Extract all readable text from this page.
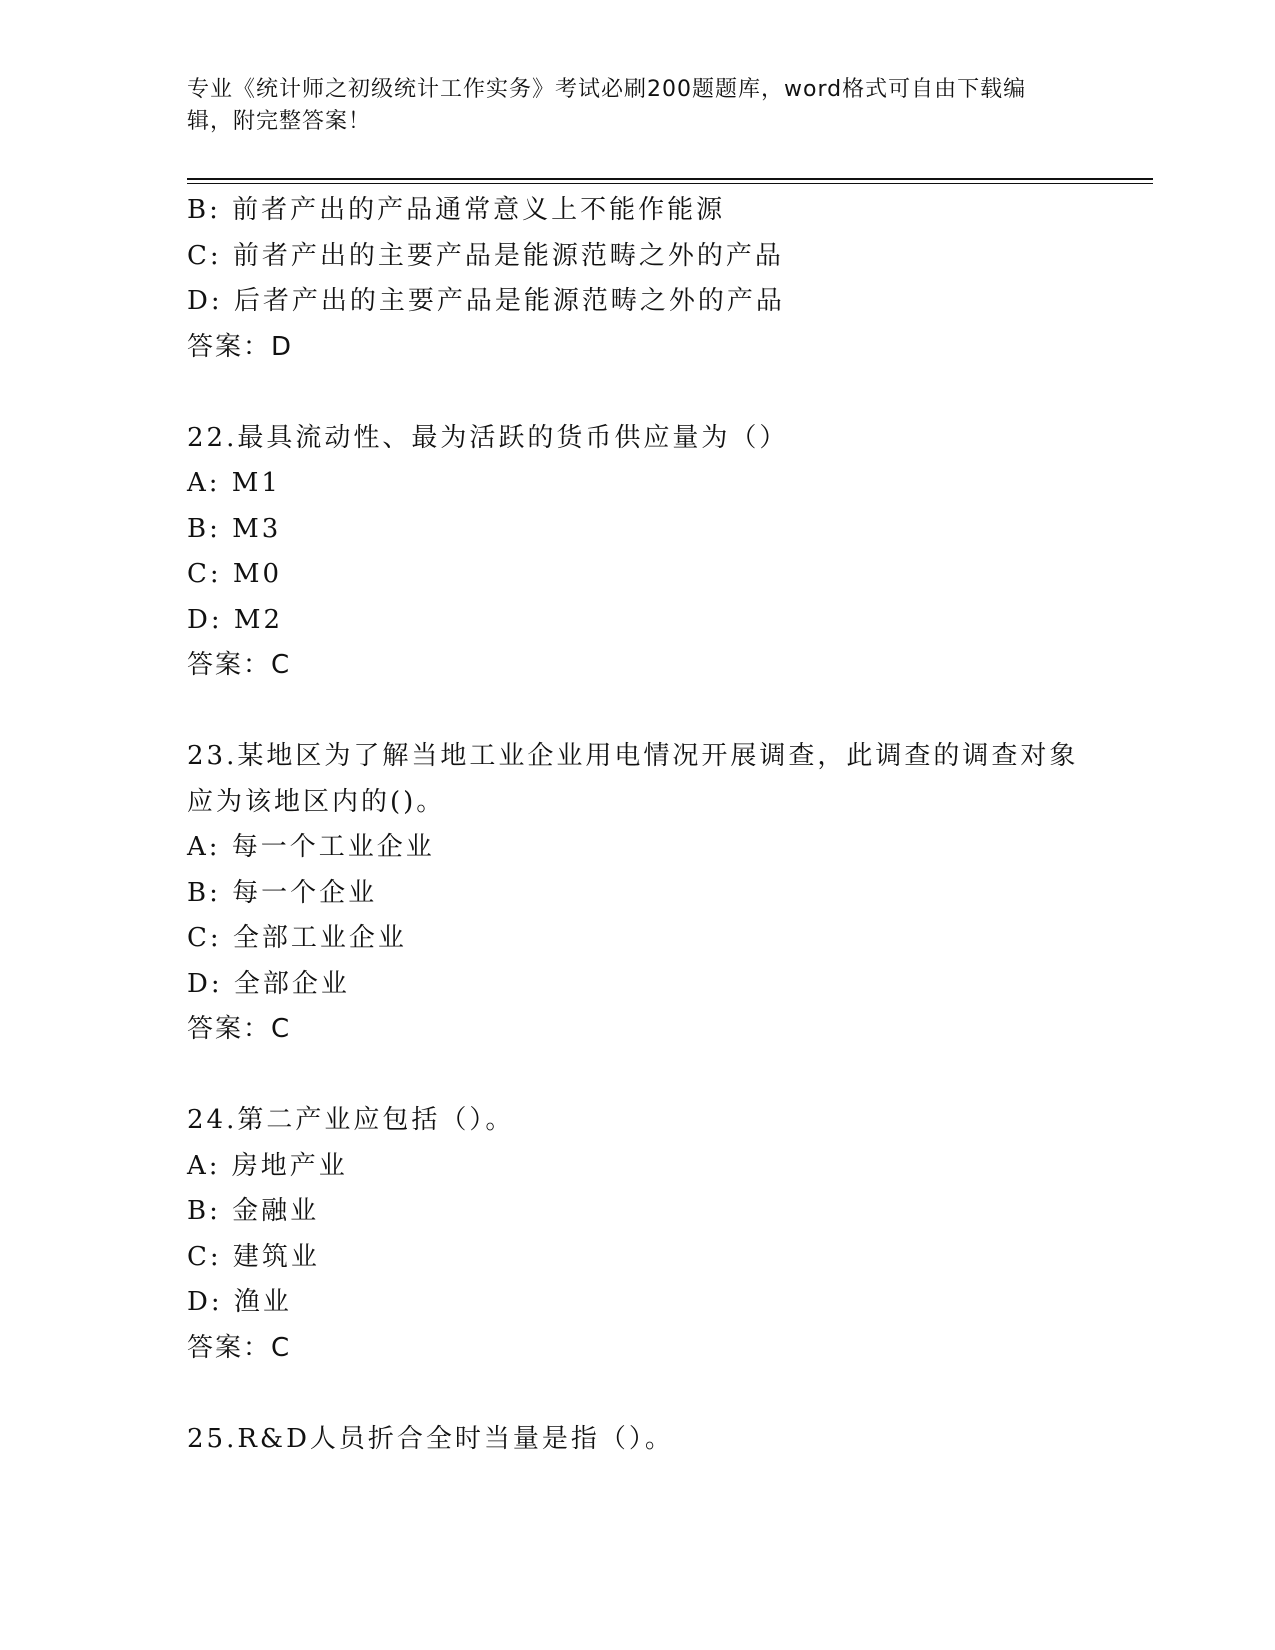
专业《统计师之初级统计工作实务》考试必刷200题题库，word格式可自由下载编辑，附完整答案！
B: 前者产出的产品通常意义上不能作能源
C: 前者产出的主要产品是能源范畴之外的产品
D: 后者产出的主要产品是能源范畴之外的产品
答案：D
22.最具流动性、最为活跃的货币供应量为（）
A: M1
B: M3
C: M0
D: M2
答案：C
23.某地区为了解当地工业企业用电情况开展调查，此调查的调查对象
应为该地区内的()。
A: 每一个工业企业
B: 每一个企业
C: 全部工业企业
D: 全部企业
答案：C
24.第二产业应包括（）。
A: 房地产业
B: 金融业
C: 建筑业
D: 渔业
答案：C
25.R&D人员折合全时当量是指（）。
